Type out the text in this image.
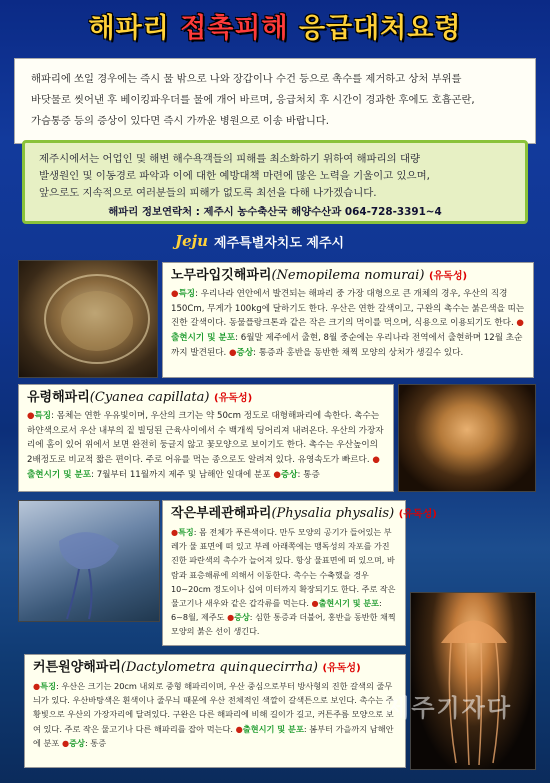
해파리 접촉피해 응급대처요령
해파리에 쏘일 경우에는 즉시 물 밖으로 나와 장갑이나 수건 등으로 촉수를 제거하고 상처 부위를
바닷물로 씻어낸 후 베이킹파우더를 물에 개어 바르며, 응급처치 후 시간이 경과한 후에도 호흡곤란,
가슴통증 등의 증상이 있다면 즉시 가까운 병원으로 이송 바랍니다.
제주시에서는 어업인 및 해변 해수욕객들의 피해를 최소화하기 위하여 해파리의 대량
발생원인 및 이동경로 파악과 이에 대한 예방대책 마련에 많은 노력을 기울이고 있으며,
앞으로도 지속적으로 여러분들의 피해가 없도록 최선을 다해 나가겠습니다.
해파리 정보연락처 : 제주시 농수축산국 해양수산과 064-728-3391~4
Jeju 제주특별자치도 제주시
노무라입깃해파리(Nemopilema nomurai) (유독성)
●특징: 우리나라 연안에서 발견되는 해파리 중 가장 대형으로 큰 개체의 경우, 우산의 직경 150Cm, 무게가 100kg에 달하기도 한다. 우산은 연한 갈색이고, 구완의 촉수는 붉은색을 띠는 진한 갈색이다. 동물플랑크톤과 같은 작은 크기의 먹이를 먹으며, 식용으로 이용되기도 한다. ●출현시기 및 분포: 6월말 제주에서 출현, 8월 중순에는 우리나라 전역에서 출현하며 12월 초순까지 발견된다. ●증상: 통증과 홍반을 동반한 채찍 모양의 상처가 생길수 있다.
유령해파리(Cyanea capillata) (유독성)
●특징: 몸체는 연한 우유빛이며, 우산의 크기는 약 50cm 정도로 대형해파리에 속한다. 촉수는 하얀색으로서 우산 내부의 짙 빌딩된 근육사이에서 수 백개씩 딩어리져 내려온다. 우산의 가장자리에 홈이 있어 위에서 보면 완전히 둥글지 않고 꽃모양으로 보이기도 한다. 촉수는 우산높이의 2배정도로 비교적 짧은 편이다. 주로 어유를 먹는 종으로도 알려져 있다. 유영속도가 빠르다. ●출현시기 및 분포: 7월부터 11월까지 제주 및 남해안 일대에 분포 ●증상: 통증
작은부레관해파리(Physalia physalis) (유독성)
●특징: 몸 전체가 푸른색이다. 만두 모양의 공기가 들어있는 부레가 물 표면에 떠 있고 부레 아래쪽에는 맹독성의 자포를 가진 진한 파란색의 촉수가 늘어져 있다. 항상 물표면에 떠 있으며, 바람과 표층해류에 의해서 이동한다. 촉수는 수축했을 경우 10~20cm 정도이나 십여 미터까지 확장되기도 한다. 주로 작은 물고기나 새우와 같은 갑각류를 먹는다. ●출현시기 및 분포: 6~8월, 제주도 ●증상: 심한 통증과 더불어, 홍반을 동반한 채찍 모양의 붉은 선이 생긴다.
커튼원양해파리(Dactylometra quinquecirrha) (유독성)
●특징: 우산은 크기는 20cm 내외로 중형 해파리이며, 우산 중심으로부터 방사형의 진한 갈색의 줄무늬가 있다. 우산바탕색은 흰색이나 줄무늬 때문에 우산 전체적인 색깔이 갈색튼으로 보인다. 촉수는 주황빛으로 우산의 가장자리에 달려있다. 구완은 다른 해파리에 비해 길이가 길고, 커튼주름 모양으로 보여 있다. 주로 작은 물고기나 다른 해파리를 잡아 먹는다. ●출현시기 및 분포: 봄부터 가을까지 남해안에 분포 ●증상: 통증
제주기자다
